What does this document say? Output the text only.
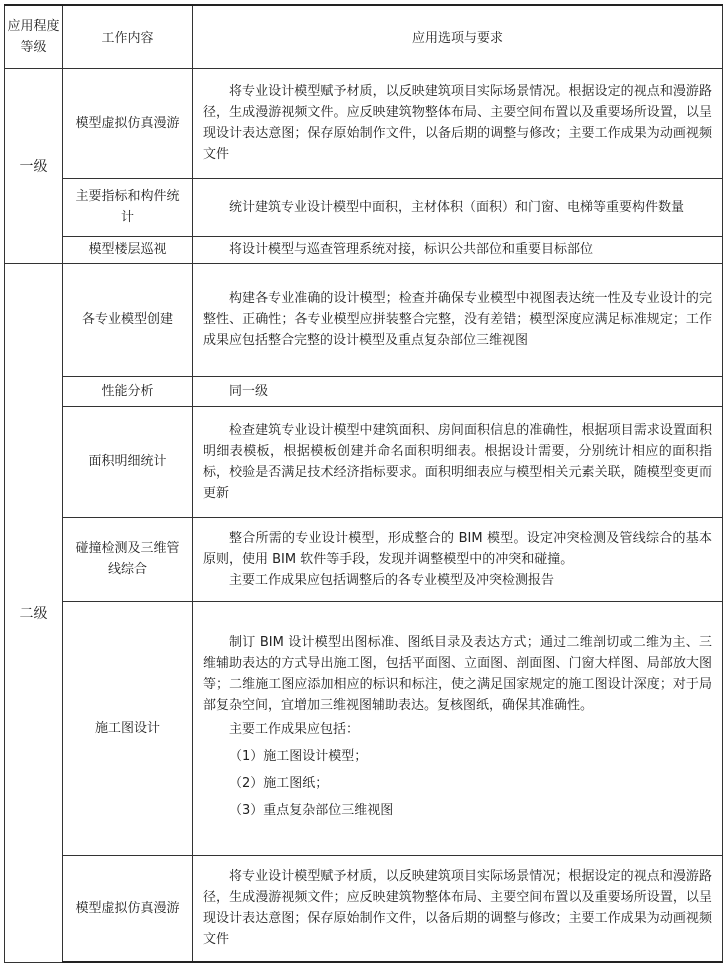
应用程度等级	工作内容	应用选项与要求
一级	模型虚拟仿真漫游	将专业设计模型赋予材质，以反映建筑项目实际场景情况。根据设定的视点和漫游路径，生成漫游视频文件。应反映建筑物整体布局、主要空间布置以及重要场所设置，以呈现设计表达意图；保存原始制作文件，以备后期的调整与修改；主要工作成果为动画视频文件

	主要指标和构件统计	统计建筑专业设计模型中面积，主材体积（面积）和门窗、电梯等重要构件数量

	模型楼层巡视	将设计模型与巡查管理系统对接，标识公共部位和重要目标部位

二级	各专业模型创建	构建各专业准确的设计模型；检查并确保专业模型中视图表达统一性及专业设计的完整性、正确性；各专业模型应拼装整合完整，没有差错；模型深度应满足标准规定；工作成果应包括整合完整的设计模型及重点复杂部位三维视图

	性能分析	同一级

	面积明细统计	检查建筑专业设计模型中建筑面积、房间面积信息的准确性，根据项目需求设置面积明细表模板，根据模板创建并命名面积明细表。根据设计需要，分别统计相应的面积指标，校验是否满足技术经济指标要求。面积明细表应与模型相关元素关联，随模型变更而更新

	碰撞检测及三维管线综合	整合所需的专业设计模型，形成整合的 BIM 模型。设定冲突检测及管线综合的基本原则，使用 BIM 软件等手段，发现并调整模型中的冲突和碰撞。

主要工作成果应包括调整后的各专业模型及冲突检测报告

	施工图设计	制订 BIM 设计模型出图标准、图纸目录及表达方式；通过二维剖切或二维为主、三维辅助表达的方式导出施工图，包括平面图、立面图、剖面图、门窗大样图、局部放大图等；二维施工图应添加相应的标识和标注，使之满足国家规定的施工图设计深度；对于局部复杂空间，宜增加三维视图辅助表达。复核图纸，确保其准确性。

主要工作成果应包括：

（1）施工图设计模型；

（2）施工图纸；

（3）重点复杂部位三维视图

	模型虚拟仿真漫游	将专业设计模型赋予材质，以反映建筑项目实际场景情况；根据设定的视点和漫游路径，生成漫游视频文件；应反映建筑物整体布局、主要空间布置以及重要场所设置，以呈现设计表达意图；保存原始制作文件，以备后期的调整与修改；主要工作成果为动画视频文件
